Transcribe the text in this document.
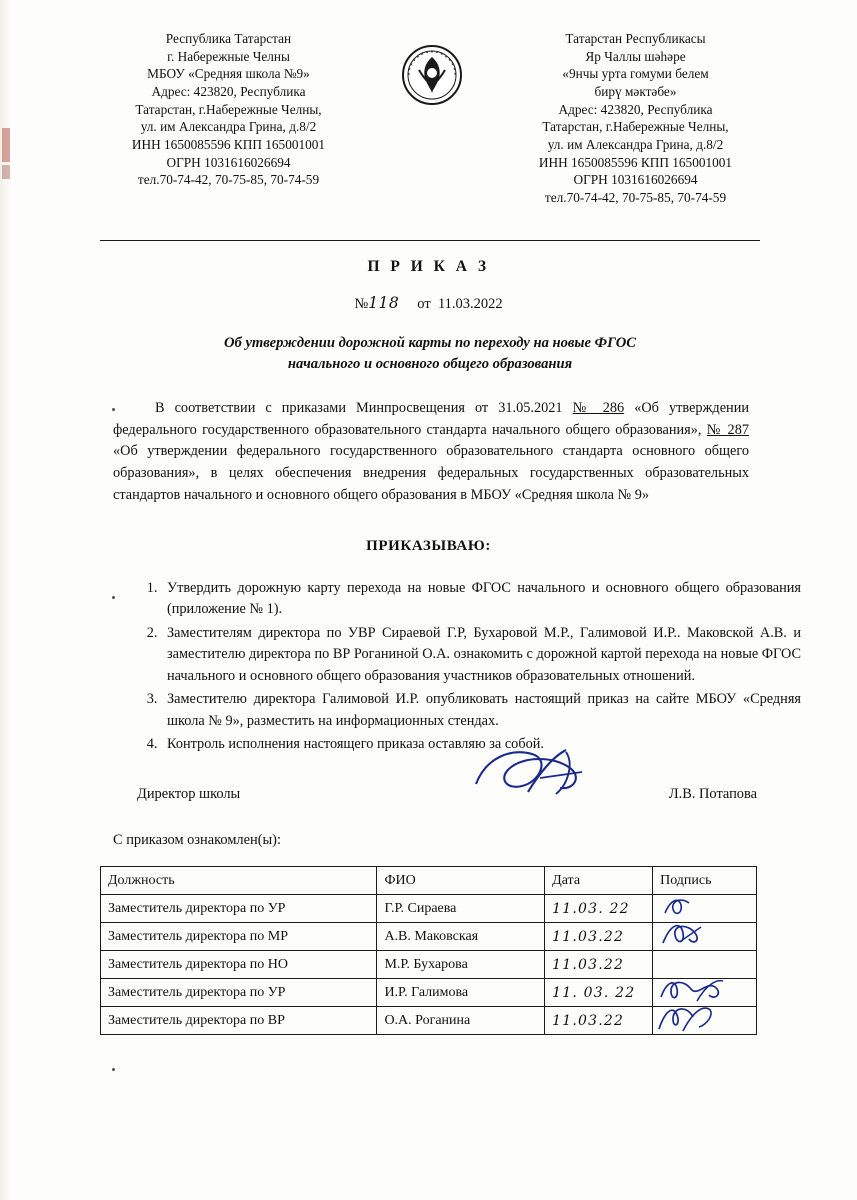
Республика Татарстан
г. Набережные Челны
МБОУ «Средняя школа №9»
Адрес: 423820, Республика
Татарстан, г.Набережные Челны,
ул. им Александра Грина, д.8/2
ИНН 1650085596 КПП 165001001
ОГРН 1031616026694
тел.70-74-42, 70-75-85, 70-74-59
Татарстан Республикасы
Яр Чаллы шәһәре
«9нчы урта гомуми белем
бирү мәктәбе»
Адрес: 423820, Республика
Татарстан, г.Набережные Челны,
ул. им Александра Грина, д.8/2
ИНН 1650085596 КПП 165001001
ОГРН 1031616026694
тел.70-74-42, 70-75-85, 70-74-59
П Р И К А З
№118 от 11.03.2022
Об утверждении дорожной карты по переходу на новые ФГОС
начального и основного общего образования
В соответствии с приказами Минпросвещения от 31.05.2021 № 286 «Об утверждении федерального государственного образовательного стандарта начального общего образования», № 287 «Об утверждении федерального государственного образовательного стандарта основного общего образования», в целях обеспечения внедрения федеральных государственных образовательных стандартов начального и основного общего образования в МБОУ «Средняя школа № 9»
ПРИКАЗЫВАЮ:
1. Утвердить дорожную карту перехода на новые ФГОС начального и основного общего образования (приложение № 1).
2. Заместителям директора по УВР Сираевой Г.Р, Бухаровой М.Р., Галимовой И.Р.. Маковской А.В. и заместителю директора по ВР Роганиной О.А. ознакомить с дорожной картой перехода на новые ФГОС начального и основного общего образования участников образовательных отношений.
3. Заместителю директора Галимовой И.Р. опубликовать настоящий приказ на сайте МБОУ «Средняя школа № 9», разместить на информационных стендах.
4. Контроль исполнения настоящего приказа оставляю за собой.
Директор школы	Л.В. Потапова
С приказом ознакомлен(ы):
Должность	ФИО	Дата	Подпись
Заместитель директора по УР	Г.Р. Сираева	11.03. 22	

Заместитель директора по МР	А.В. Маковская	11.03.22	

Заместитель директора по НО	М.Р. Бухарова	11.03.22	
Заместитель директора по УР	И.Р. Галимова	11. 03. 22	

Заместитель директора по ВР	О.А. Роганина	11.03.22	
